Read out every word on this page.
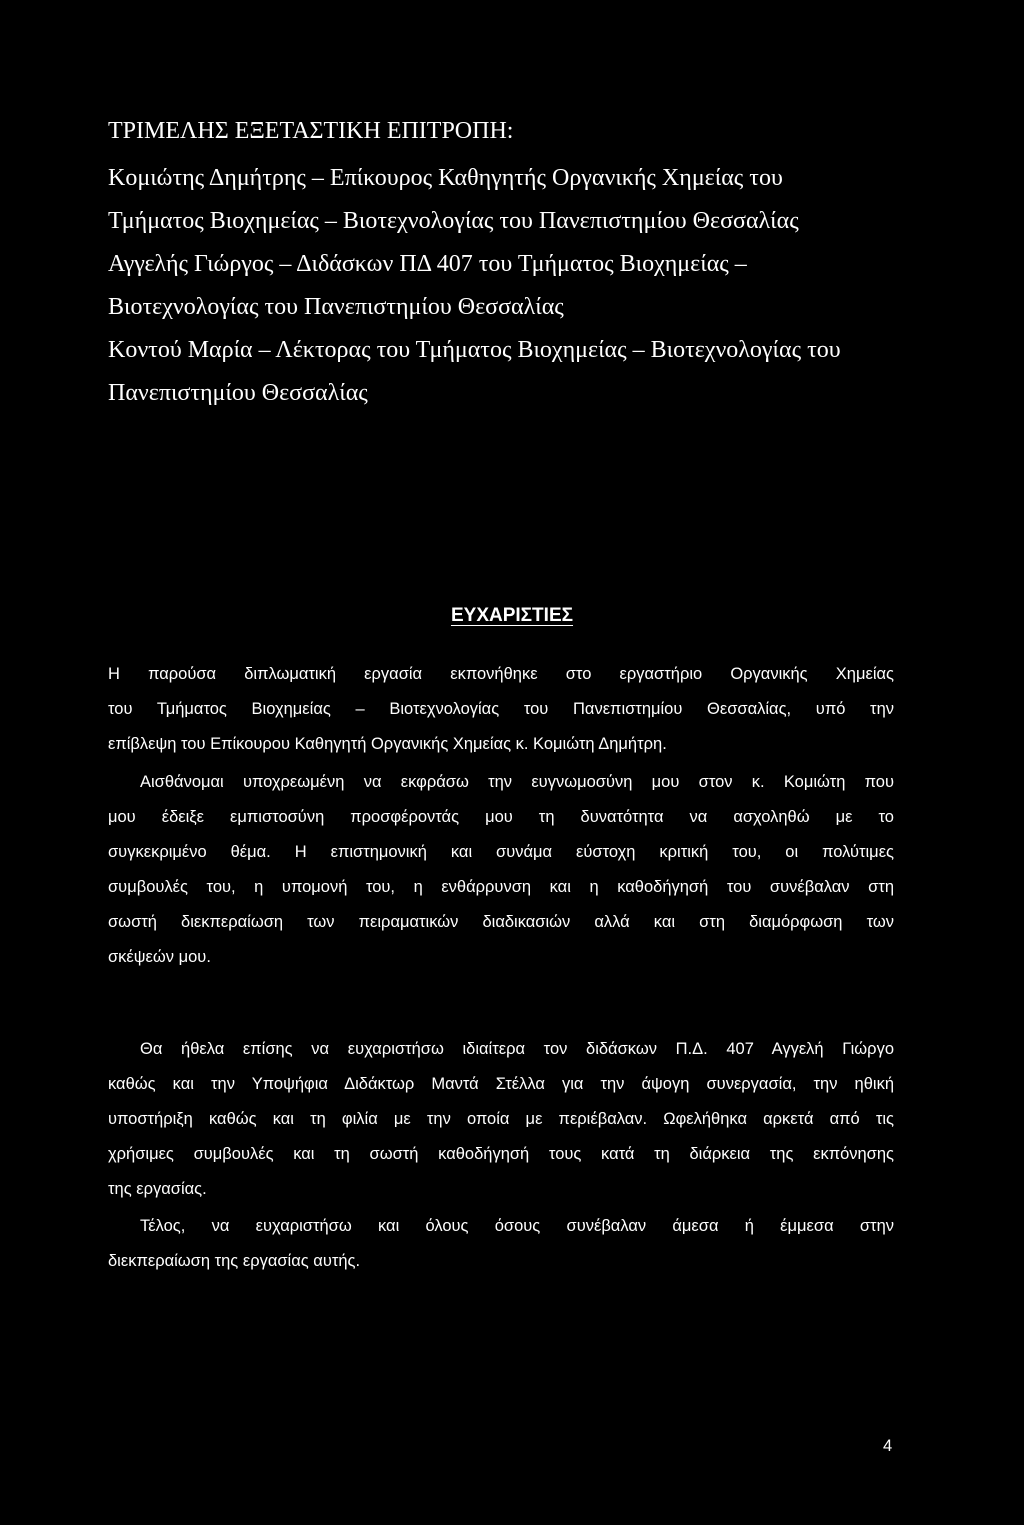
ΤΡΙΜΕΛΗΣ ΕΞΕΤΑΣΤΙΚΗ ΕΠΙΤΡΟΠΗ:

Κομιώτης Δημήτρης – Επίκουρος Καθηγητής Οργανικής Χημείας του

Τμήματος Βιοχημείας – Βιοτεχνολογίας του Πανεπιστημίου Θεσσαλίας

Αγγελής Γιώργος – Διδάσκων ΠΔ 407 του Τμήματος Βιοχημείας –

Βιοτεχνολογίας του Πανεπιστημίου Θεσσαλίας

Κοντού Μαρία – Λέκτορας του Τμήματος Βιοχημείας – Βιοτεχνολογίας του

Πανεπιστημίου Θεσσαλίας

ΕΥΧΑΡΙΣΤΙΕΣ

Η παρούσα διπλωματική εργασία εκπονήθηκε στο εργαστήριο Οργανικής Χημείας

του Τμήματος Βιοχημείας – Βιοτεχνολογίας του Πανεπιστημίου Θεσσαλίας, υπό την

επίβλεψη του Επίκουρου Καθηγητή Οργανικής Χημείας κ. Κομιώτη Δημήτρη.

Αισθάνομαι υποχρεωμένη να εκφράσω την ευγνωμοσύνη μου στον κ. Κομιώτη που

μου έδειξε εμπιστοσύνη προσφέροντάς μου τη δυνατότητα να ασχοληθώ με το

συγκεκριμένο θέμα. Η επιστημονική και συνάμα εύστοχη κριτική του, οι πολύτιμες

συμβουλές του, η υπομονή του, η ενθάρρυνση και η καθοδήγησή του συνέβαλαν στη

σωστή διεκπεραίωση των πειραματικών διαδικασιών αλλά και στη διαμόρφωση των

σκέψεών μου.

Θα ήθελα επίσης να ευχαριστήσω ιδιαίτερα τον διδάσκων Π.Δ. 407 Αγγελή Γιώργο

καθώς και την Υποψήφια Διδάκτωρ Μαντά Στέλλα για την άψογη συνεργασία, την ηθική

υποστήριξη καθώς και τη φιλία με την οποία με περιέβαλαν. Ωφελήθηκα αρκετά από τις

χρήσιμες συμβουλές και τη σωστή καθοδήγησή τους κατά τη διάρκεια της εκπόνησης

της εργασίας.

Τέλος, να ευχαριστήσω και όλους όσους συνέβαλαν άμεσα ή έμμεσα στην

διεκπεραίωση της εργασίας αυτής.

4
